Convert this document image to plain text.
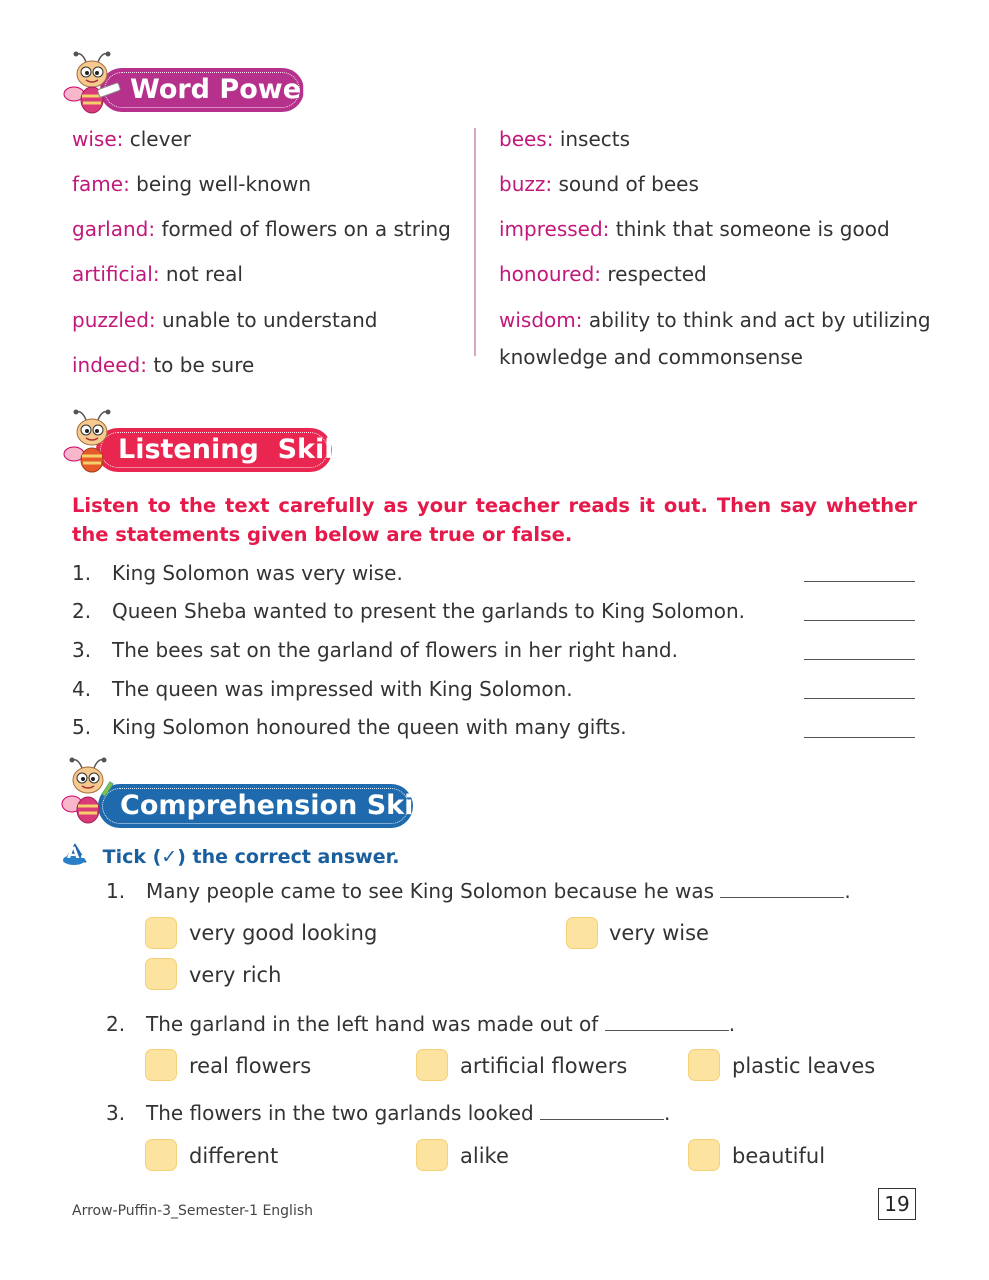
Word Power
wise: clever
fame: being well-known
garland: formed of flowers on a string
artificial: not real
puzzled: unable to understand
indeed: to be sure
bees: insects
buzz: sound of bees
impressed: think that someone is good
honoured: respected
wisdom: ability to think and act by utilizing
knowledge and commonsense
Listening  Skills
Listen to the text carefully as your teacher reads it out. Then say whether the statements given below are true or false.
1. King Solomon was very wise.
2. Queen Sheba wanted to present the garlands to King Solomon.
3. The bees sat on the garland of flowers in her right hand.
4. The queen was impressed with King Solomon.
5. King Solomon honoured the queen with many gifts.
Comprehension Skills
A. Tick (✓) the correct answer.
1. Many people came to see King Solomon because he was	.
very good looking	very wise
very rich
2. The garland in the left hand was made out of	.
real flowers	artificial flowers	plastic leaves
3. The flowers in the two garlands looked	.
different	alike	beautiful
Arrow-Puffin-3_Semester-1 English	19
